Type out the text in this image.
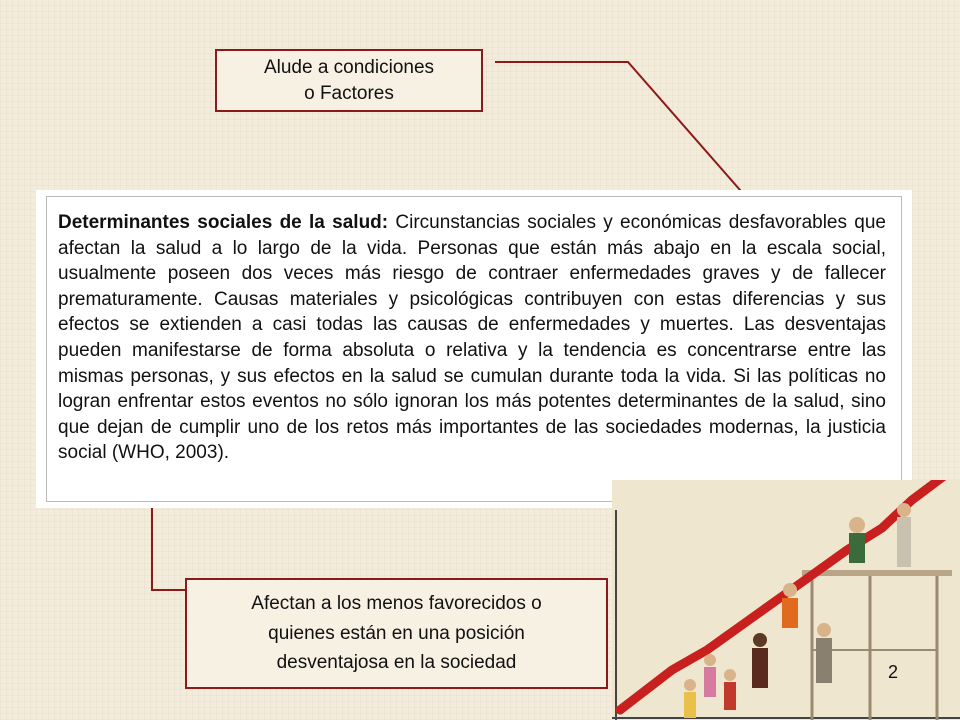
Alude a condiciones
o Factores

Determinantes sociales de la salud: Circunstancias sociales y económicas desfavorables que afectan la salud a lo largo de la vida. Personas que están más abajo en la escala social, usualmente poseen dos veces más riesgo de contraer enfermedades graves y de fallecer prematuramente. Causas materiales y psicológicas contribuyen con estas diferencias y sus efectos se extienden a casi todas las causas de enfermedades y muertes. Las desventajas pueden manifestarse de forma absoluta o relativa y la tendencia es concentrarse entre las mismas personas, y sus efectos en la salud se cumulan durante toda la vida. Si las políticas no logran enfrentar estos eventos no sólo ignoran los más potentes determinantes de la salud, sino que dejan de cumplir uno de los retos más importantes de las sociedades modernas, la justicia social (WHO, 2003).

Afectan a los menos favorecidos o
quienes están en una posición
desventajosa en la sociedad	2
